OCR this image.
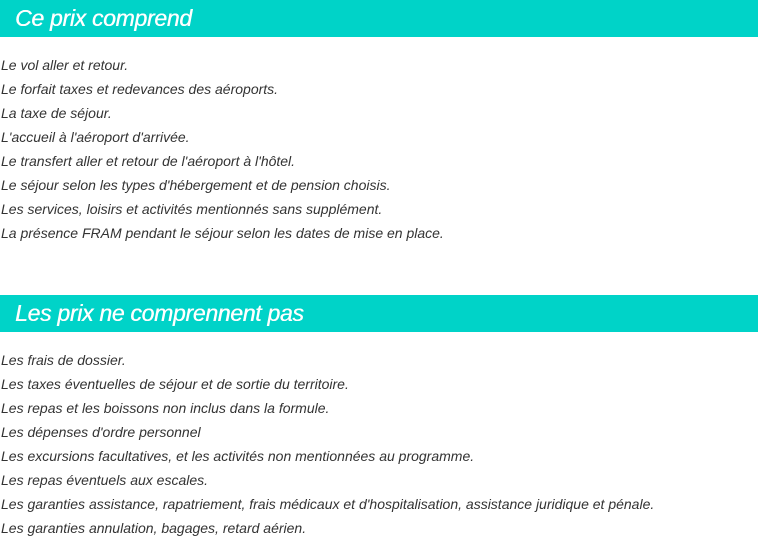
Ce prix comprend
Le vol aller et retour.
Le forfait taxes et redevances des aéroports.
La taxe de séjour.
L'accueil à l'aéroport d'arrivée.
Le transfert aller et retour de l'aéroport à l'hôtel.
Le séjour selon les types d'hébergement et de pension choisis.
Les services, loisirs et activités mentionnés sans supplément.
La présence FRAM pendant le séjour selon les dates de mise en place.
Les prix ne comprennent pas
Les frais de dossier.
Les taxes éventuelles de séjour et de sortie du territoire.
Les repas et les boissons non inclus dans la formule.
Les dépenses d'ordre personnel
Les excursions facultatives, et les activités non mentionnées au programme.
Les repas éventuels aux escales.
Les garanties assistance, rapatriement, frais médicaux et d'hospitalisation, assistance juridique et pénale.
Les garanties annulation, bagages, retard aérien.
